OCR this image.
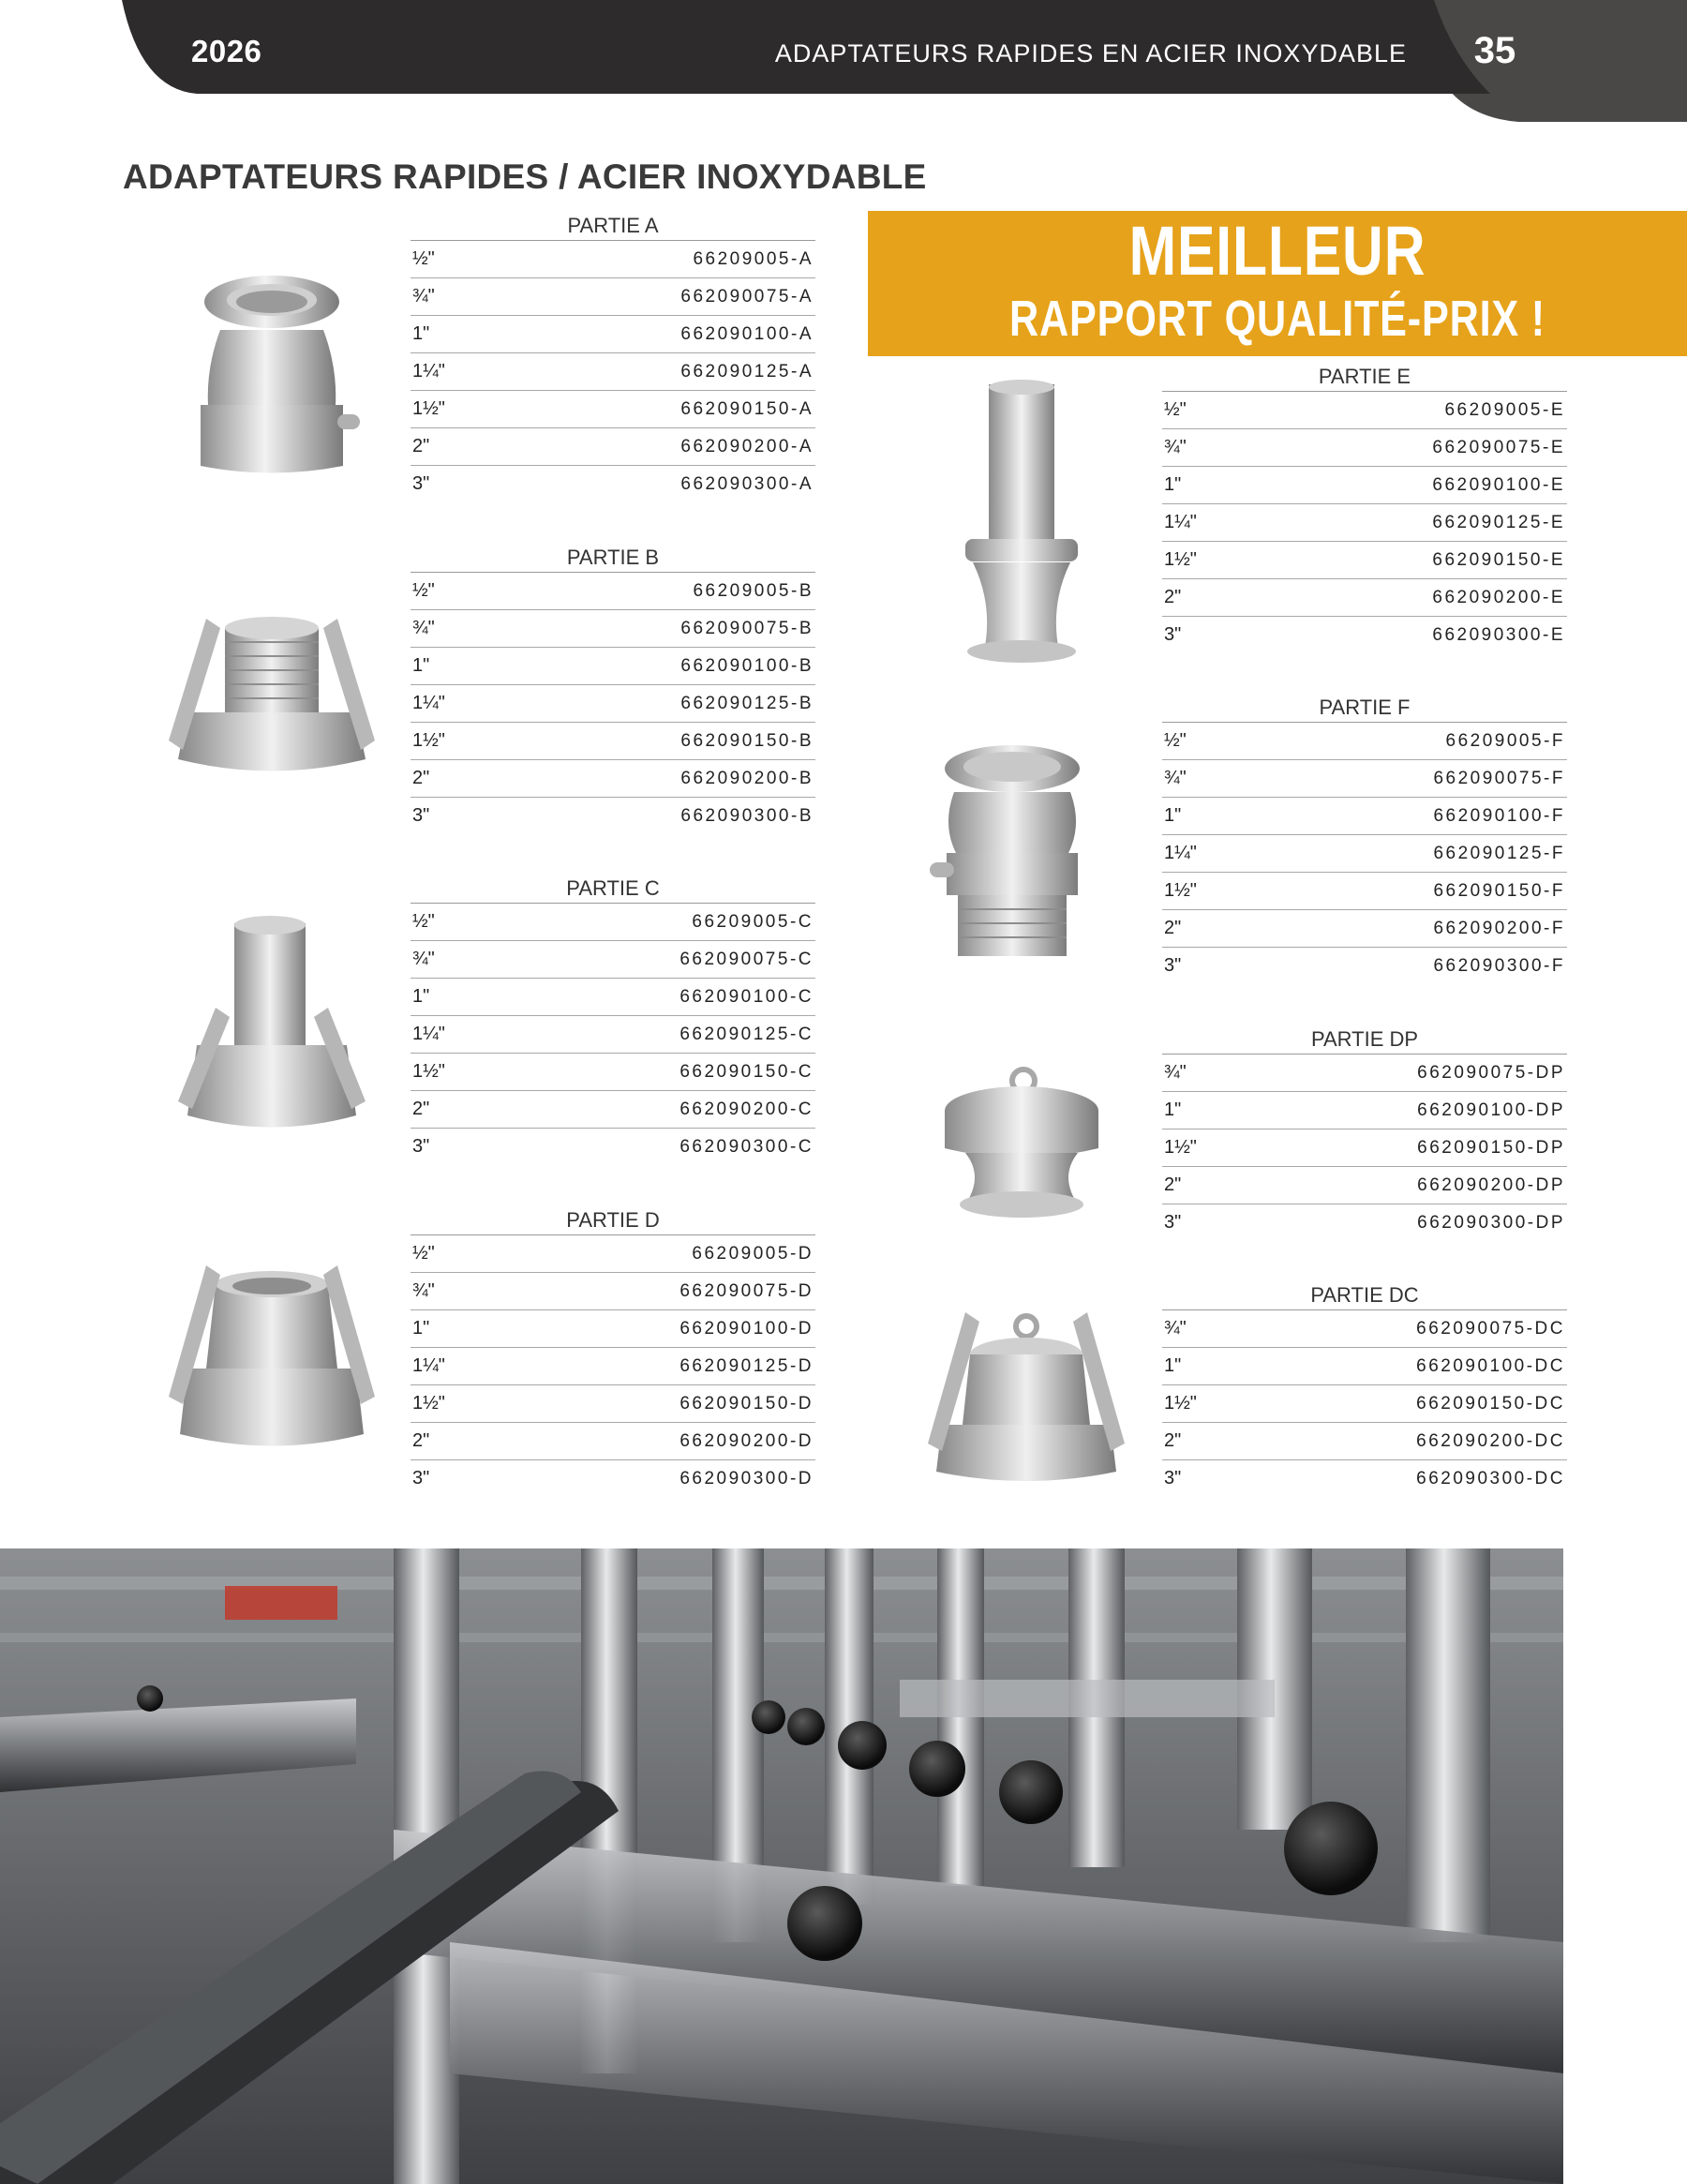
2026	ADAPTATEURS RAPIDES EN ACIER INOXYDABLE	35
ADAPTATEURS RAPIDES / ACIER INOXYDABLE
MEILLEUR
RAPPORT QUALITÉ-PRIX !
PARTIE A
½"	66209005-A
¾"	662090075-A
1"	662090100-A
1¼"	662090125-A
1½"	662090150-A
2"	662090200-A
3"	662090300-A
PARTIE B
½"	66209005-B
¾"	662090075-B
1"	662090100-B
1¼"	662090125-B
1½"	662090150-B
2"	662090200-B
3"	662090300-B
PARTIE C
½"	66209005-C
¾"	662090075-C
1"	662090100-C
1¼"	662090125-C
1½"	662090150-C
2"	662090200-C
3"	662090300-C
PARTIE D
½"	66209005-D
¾"	662090075-D
1"	662090100-D
1¼"	662090125-D
1½"	662090150-D
2"	662090200-D
3"	662090300-D
PARTIE E
½"	66209005-E
¾"	662090075-E
1"	662090100-E
1¼"	662090125-E
1½"	662090150-E
2"	662090200-E
3"	662090300-E
PARTIE F
½"	66209005-F
¾"	662090075-F
1"	662090100-F
1¼"	662090125-F
1½"	662090150-F
2"	662090200-F
3"	662090300-F
PARTIE DP
¾"	662090075-DP
1"	662090100-DP
1½"	662090150-DP
2"	662090200-DP
3"	662090300-DP
PARTIE DC
¾"	662090075-DC
1"	662090100-DC
1½"	662090150-DC
2"	662090200-DC
3"	662090300-DC
